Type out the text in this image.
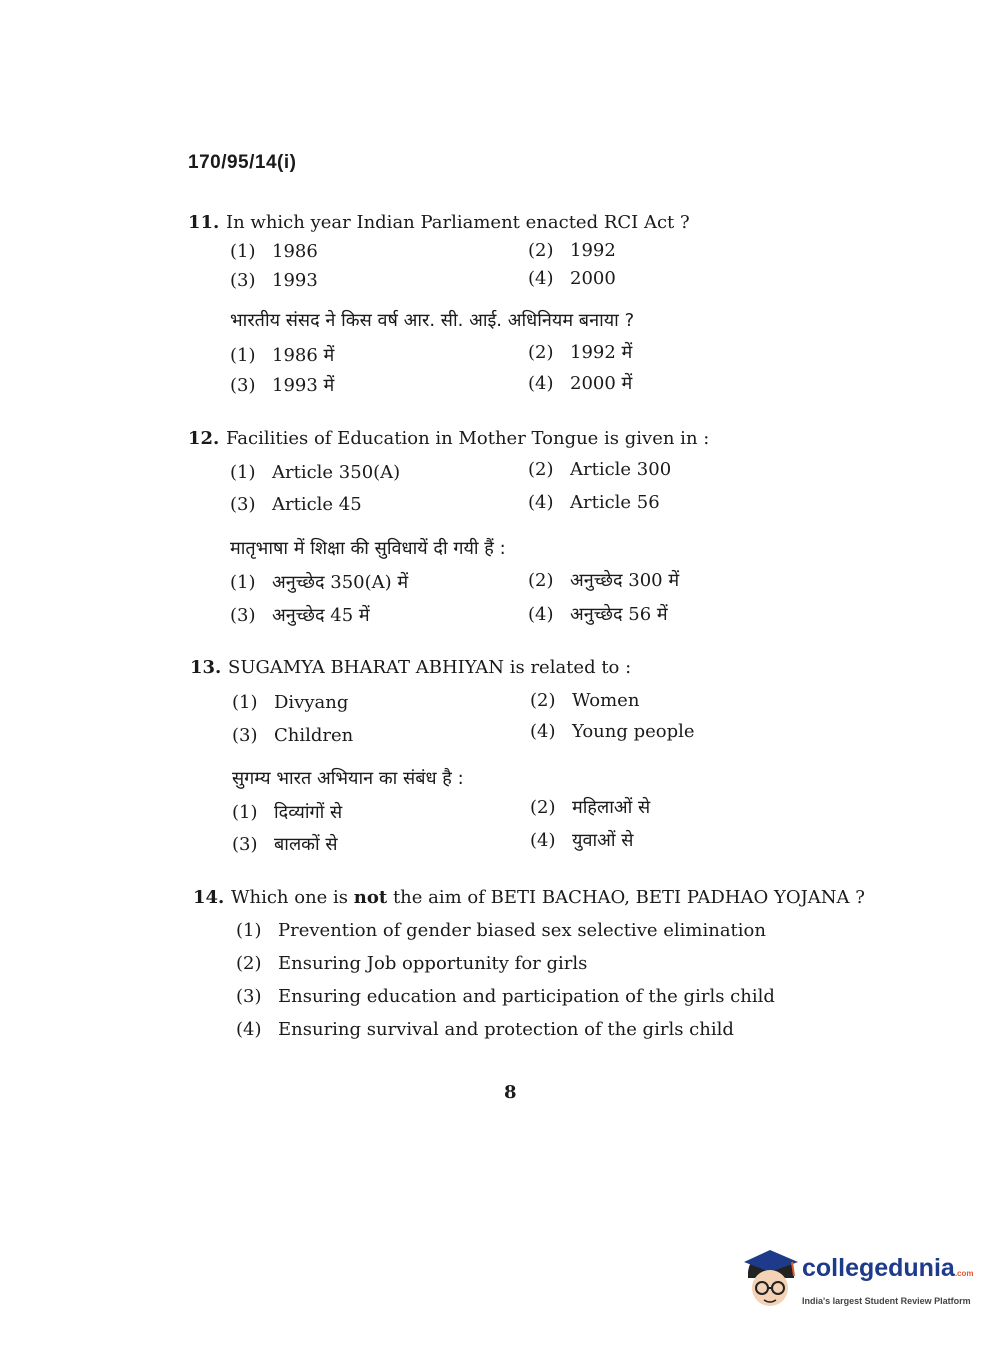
170/95/14(i)
11. In which year Indian Parliament enacted RCI Act ?
(1) 1986	(2) 1992
(3) 1993	(4) 2000
भारतीय संसद ने किस वर्ष आर. सी. आई. अधिनियम बनाया ?
(1) 1986 में	(2) 1992 में
(3) 1993 में	(4) 2000 में
12. Facilities of Education in Mother Tongue is given in :
(1) Article 350(A)	(2) Article 300
(3) Article 45	(4) Article 56
मातृभाषा में शिक्षा की सुविधायें दी गयी हैं :
(1) अनुच्छेद 350(A) में	(2) अनुच्छेद 300 में
(3) अनुच्छेद 45 में	(4) अनुच्छेद 56 में
13. SUGAMYA BHARAT ABHIYAN is related to :
(1) Divyang	(2) Women
(3) Children	(4) Young people
सुगम्य भारत अभियान का संबंध है :
(1) दिव्यांगों से	(2) महिलाओं से
(3) बालकों से	(4) युवाओं से
14. Which one is not the aim of BETI BACHAO, BETI PADHAO YOJANA ?
(1) Prevention of gender biased sex selective elimination
(2) Ensuring Job opportunity for girls
(3) Ensuring education and participation of the girls child
(4) Ensuring survival and protection of the girls child
8
collegedunia.com
India's largest Student Review Platform
